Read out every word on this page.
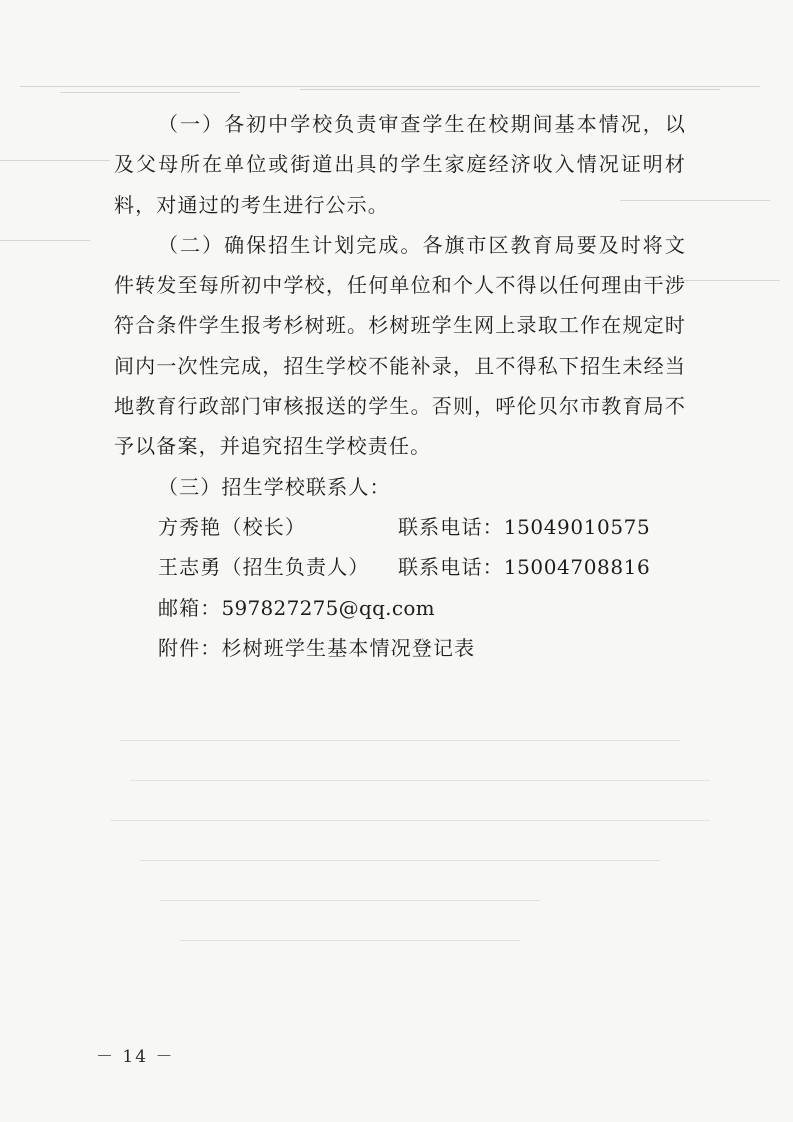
（一）各初中学校负责审查学生在校期间基本情况，以及父母所在单位或街道出具的学生家庭经济收入情况证明材料，对通过的考生进行公示。

（二）确保招生计划完成。各旗市区教育局要及时将文件转发至每所初中学校，任何单位和个人不得以任何理由干涉符合条件学生报考杉树班。杉树班学生网上录取工作在规定时间内一次性完成，招生学校不能补录，且不得私下招生未经当地教育行政部门审核报送的学生。否则，呼伦贝尔市教育局不予以备案，并追究招生学校责任。

（三）招生学校联系人：

方秀艳（校长）	联系电话： 15049010575
王志勇（招生负责人）	联系电话： 15004708816
邮箱：597827275@qq.com
附件：杉树班学生基本情况登记表
－ 14 －
